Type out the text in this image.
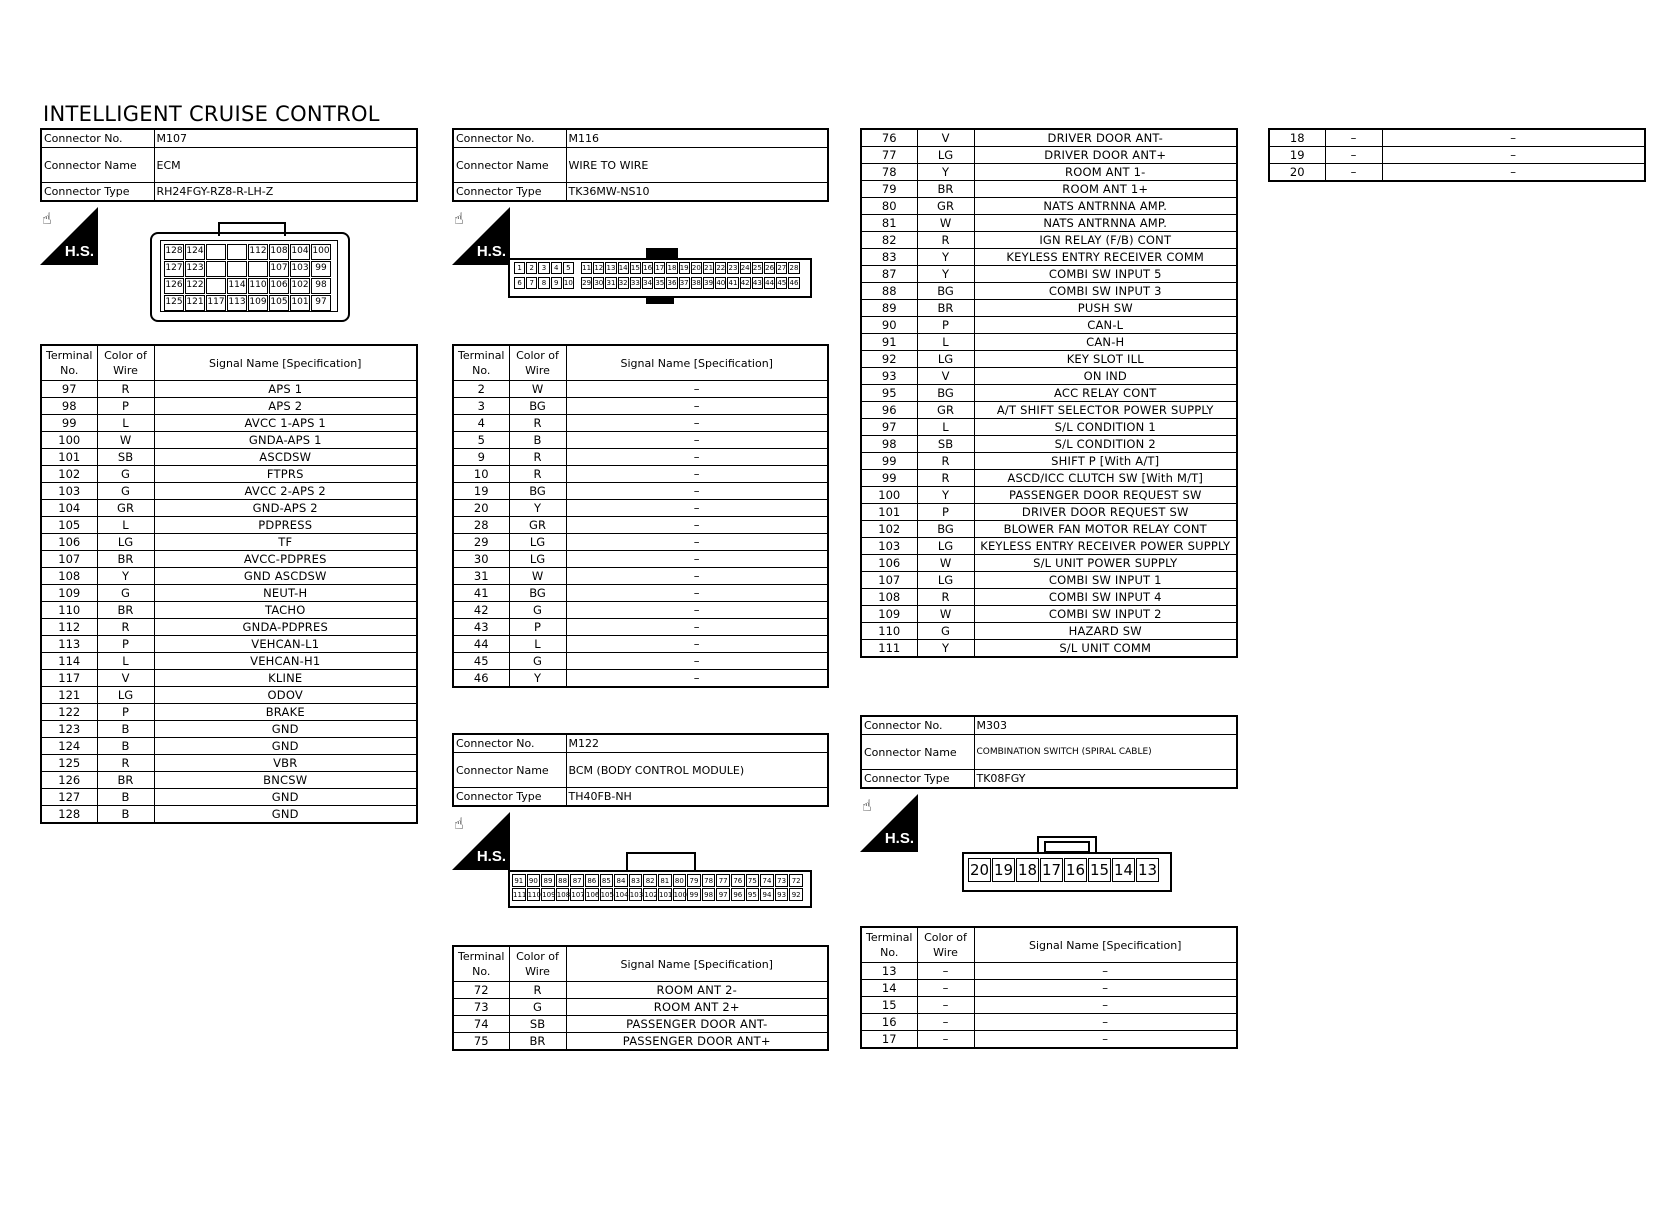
INTELLIGENT CRUISE CONTROL
Connector No.	M107
Connector Name	ECM
Connector Type	RH24FGY-RZ8-R-LH-Z
☝
H.S.	128 124	112 108 104 100
127 123	107 103 99
126 122	114 110 106 102 98
125 121 117 113 109 105 101 97
Terminal No.	Color of Wire	Signal Name [Specification]
97	R	APS 1
98	P	APS 2
99	L	AVCC 1-APS 1
100	W	GNDA-APS 1
101	SB	ASCDSW
102	G	FTPRS
103	G	AVCC 2-APS 2
104	GR	GND-APS 2
105	L	PDPRESS
106	LG	TF
107	BR	AVCC-PDPRES
108	Y	GND ASCDSW
109	G	NEUT-H
110	BR	TACHO
112	R	GNDA-PDPRES
113	P	VEHCAN-L1
114	L	VEHCAN-H1
117	V	KLINE
121	LG	ODOV
122	P	BRAKE
123	B	GND
124	B	GND
125	R	VBR
126	BR	BNCSW
127	B	GND
128	B	GND
Connector No.	M116
Connector Name	WIRE TO WIRE
Connector Type	TK36MW-NS10
☝
H.S.
1	2	3	4	5	11 12 13 14 15 16 17 18 19 20 21 22 23 24 25 26 27 28
6	7	8	9 10 29 30 31 32 33 34 35 36 37 38 39 40 41 42 43 44 45 46
Terminal No.	Color of Wire	Signal Name [Specification]
2	W	–
3	BG	–
4	R	–
5	B	–
9	R	–
10	R	–
19	BG	–
20	Y	–
28	GR	–
29	LG	–
30	LG	–
31	W	–
41	BG	–
42	G	–
43	P	–
44	L	–
45	G	–
46	Y	–
Connector No.	M122
Connector Name	BCM (BODY CONTROL MODULE)
Connector Type	TH40FB-NH
☝
H.S.
91 90 89 88 87 86 85 84 83 82 81 80 79 78 77 76 75 74 73 72
111 110 109 108 107 106 105 104 103 102 101 100 99 98 97 96 95 94 93 92
Terminal No.	Color of Wire	Signal Name [Specification]
72	R	ROOM ANT 2-
73	G	ROOM ANT 2+
74	SB	PASSENGER DOOR ANT-
75	BR	PASSENGER DOOR ANT+
76	V	DRIVER DOOR ANT-
77	LG	DRIVER DOOR ANT+
78	Y	ROOM ANT 1-
79	BR	ROOM ANT 1+
80	GR	NATS ANTRNNA AMP.
81	W	NATS ANTRNNA AMP.
82	R	IGN RELAY (F/B) CONT
83	Y	KEYLESS ENTRY RECEIVER COMM
87	Y	COMBI SW INPUT 5
88	BG	COMBI SW INPUT 3
89	BR	PUSH SW
90	P	CAN-L
91	L	CAN-H
92	LG	KEY SLOT ILL
93	V	ON IND
95	BG	ACC RELAY CONT
96	GR	A/T SHIFT SELECTOR POWER SUPPLY
97	L	S/L CONDITION 1
98	SB	S/L CONDITION 2
99	R	SHIFT P [With A/T]
99	R	ASCD/ICC CLUTCH SW [With M/T]
100	Y	PASSENGER DOOR REQUEST SW
101	P	DRIVER DOOR REQUEST SW
102	BG	BLOWER FAN MOTOR RELAY CONT
103	LG	KEYLESS ENTRY RECEIVER POWER SUPPLY
106	W	S/L UNIT POWER SUPPLY
107	LG	COMBI SW INPUT 1
108	R	COMBI SW INPUT 4
109	W	COMBI SW INPUT 2
110	G	HAZARD SW
111	Y	S/L UNIT COMM
Connector No.	M303
Connector Name	COMBINATION SWITCH (SPIRAL CABLE)
Connector Type	TK08FGY
☝
H.S.
20 19 18 17 16 15 14 13
Terminal No.	Color of Wire	Signal Name [Specification]
13	–	–
14	–	–
15	–	–
16	–	–
17	–	–
18	–	–
19	–	–
20	–	–
